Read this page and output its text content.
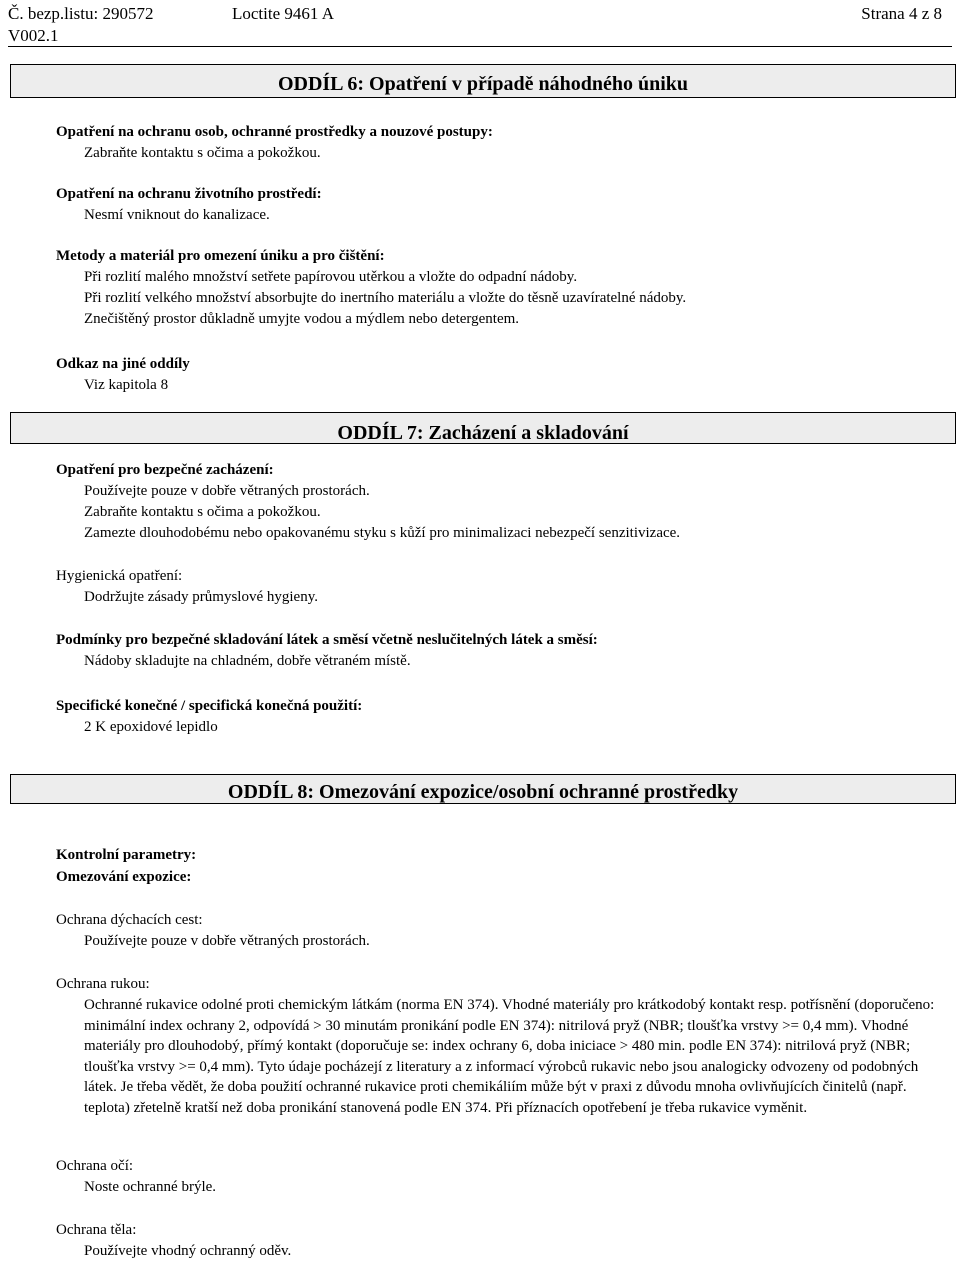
Č. bezp.listu: 290572	Loctite 9461 A	Strana 4 z 8
V002.1
ODDÍL 6: Opatření v případě náhodného úniku
Opatření na ochranu osob, ochranné prostředky a nouzové postupy:
Zabraňte kontaktu s očima a pokožkou.
Opatření na ochranu životního prostředí:
Nesmí vniknout do kanalizace.
Metody a materiál pro omezení úniku a pro čištění:
Při rozlití malého množství setřete papírovou utěrkou a vložte do odpadní nádoby.
Při rozlití velkého množství absorbujte do inertního materiálu a vložte do těsně uzavíratelné nádoby.
Znečištěný prostor důkladně umyjte vodou a mýdlem nebo detergentem.
Odkaz na jiné oddíly
Viz kapitola 8
ODDÍL 7: Zacházení a skladování
Opatření pro bezpečné zacházení:
Používejte pouze v dobře větraných prostorách.
Zabraňte kontaktu s očima a pokožkou.
Zamezte dlouhodobému nebo opakovanému styku s kůží pro minimalizaci nebezpečí senzitivizace.
Hygienická opatření:
Dodržujte zásady průmyslové hygieny.
Podmínky pro bezpečné skladování látek a směsí včetně neslučitelných látek a směsí:
Nádoby skladujte na chladném, dobře větraném místě.
Specifické konečné / specifická konečná použití:
2 K epoxidové lepidlo
ODDÍL 8: Omezování expozice/osobní ochranné prostředky
Kontrolní parametry:
Omezování expozice:
Ochrana dýchacích cest:
Používejte pouze v dobře větraných prostorách.
Ochrana rukou:
Ochranné rukavice odolné proti chemickým látkám (norma EN 374). Vhodné materiály pro krátkodobý kontakt resp. potřísnění (doporučeno: minimální index ochrany 2, odpovídá > 30 minutám pronikání podle EN 374): nitrilová pryž (NBR; tloušťka vrstvy >= 0,4 mm). Vhodné materiály pro dlouhodobý, přímý kontakt (doporučuje se: index ochrany 6, doba iniciace > 480 min. podle EN 374): nitrilová pryž (NBR; tloušťka vrstvy >= 0,4 mm). Tyto údaje pocházejí z literatury a z informací výrobců rukavic nebo jsou analogicky odvozeny od podobných látek. Je třeba vědět, že doba použití ochranné rukavice proti chemikáliím může být v praxi z důvodu mnoha ovlivňujících činitelů (např. teplota) zřetelně kratší než doba pronikání stanovená podle EN 374. Při příznacích opotřebení je třeba rukavice vyměnit.
Ochrana očí:
Noste ochranné brýle.
Ochrana těla:
Používejte vhodný ochranný oděv.
